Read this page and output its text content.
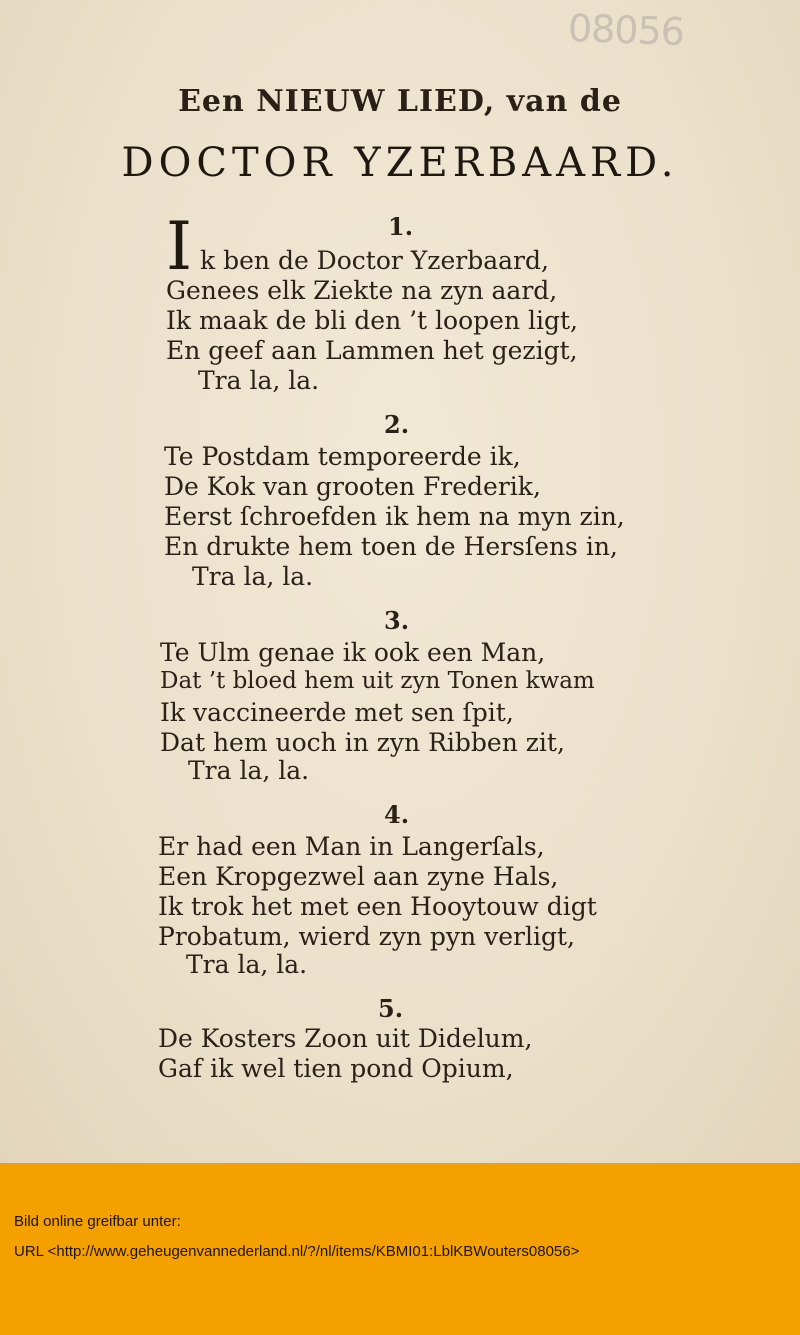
08056
Een NIEUW LIED, van de
DOCTOR YZERBAARD.
1.
I k ben de Doctor Yzerbaard,
Genees elk Ziekte na zyn aard,
Ik maak de bli den ’t loopen ligt,
En geef aan Lammen het gezigt,
Tra la, la.
2.
Te Postdam temporeerde ik,
De Kok van grooten Frederik,
Eerst ſchroefden ik hem na myn zin,
En drukte hem toen de Hersſens in,
Tra la, la.
3.
Te Ulm genae ik ook een Man,
Dat ’t bloed hem uit zyn Tonen kwam
Ik vaccineerde met sen ſpit,
Dat hem uoch in zyn Ribben zit,
Tra la, la.
4.
Er had een Man in Langerſals,
Een Kropgezwel aan zyne Hals,
Ik trok het met een Hooytouw digt
Probatum, wierd zyn pyn verligt,
Tra la, la.
5.
De Kosters Zoon uit Didelum,
Gaf ik wel tien pond Opium,
Bild online greifbar unter:
URL <http://www.geheugenvannederland.nl/?/nl/items/KBMI01:LblKBWouters08056>
